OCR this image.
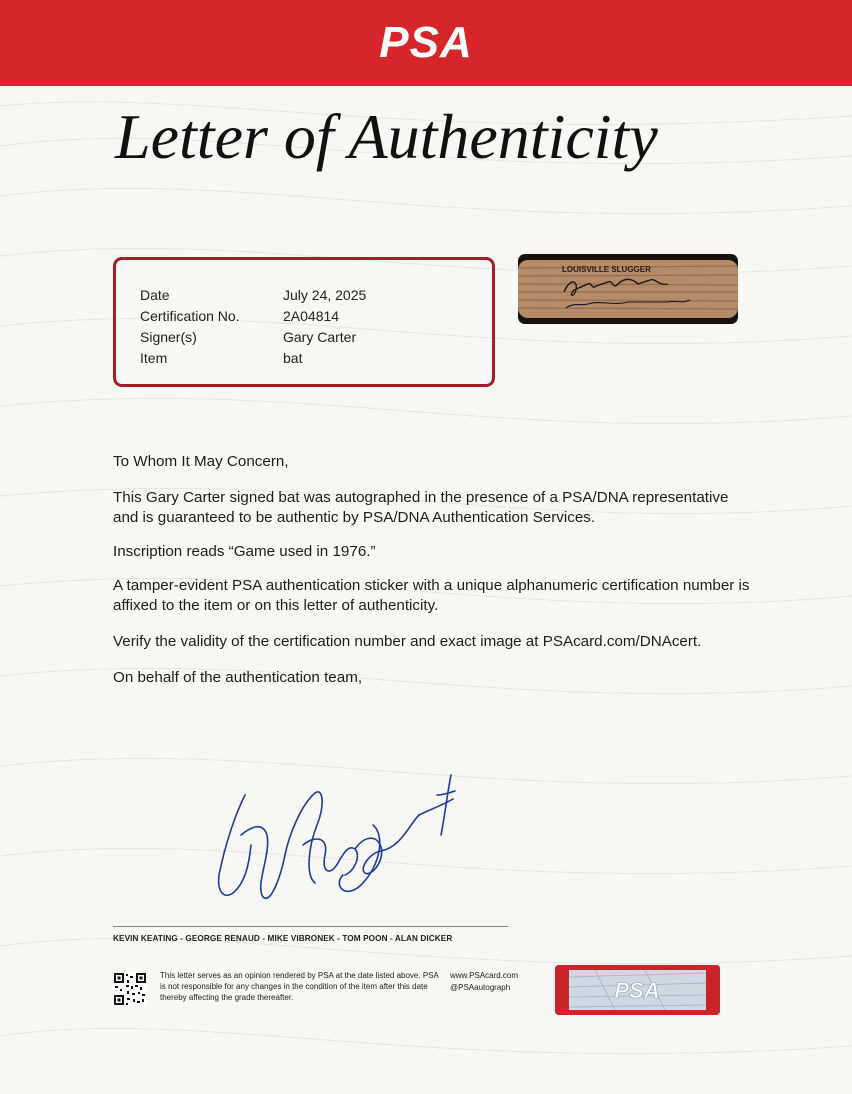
PSA
Letter of Authenticity
Date	July 24, 2025
Certification No.	2A04814
Signer(s)	Gary Carter
Item	bat
LOUISVILLE SLUGGER
To Whom It May Concern,
This Gary Carter signed bat was autographed in the presence of a PSA/DNA representative and is guaranteed to be authentic by PSA/DNA Authentication Services.
Inscription reads “Game used in 1976.”
A tamper-evident PSA authentication sticker with a unique alphanumeric certification number is affixed to the item or on this letter of authenticity.
Verify the validity of the certification number and exact image at PSAcard.com/DNAcert.
On behalf of the authentication team,
KEVIN KEATING - GEORGE RENAUD - MIKE VIBRONEK - TOM POON - ALAN DICKER
This letter serves as an opinion rendered by PSA at the date listed above. PSA is not responsible for any changes in the condition of the item after this date thereby affecting the grade thereafter.
www.PSAcard.com
@PSAautograph	PSA
